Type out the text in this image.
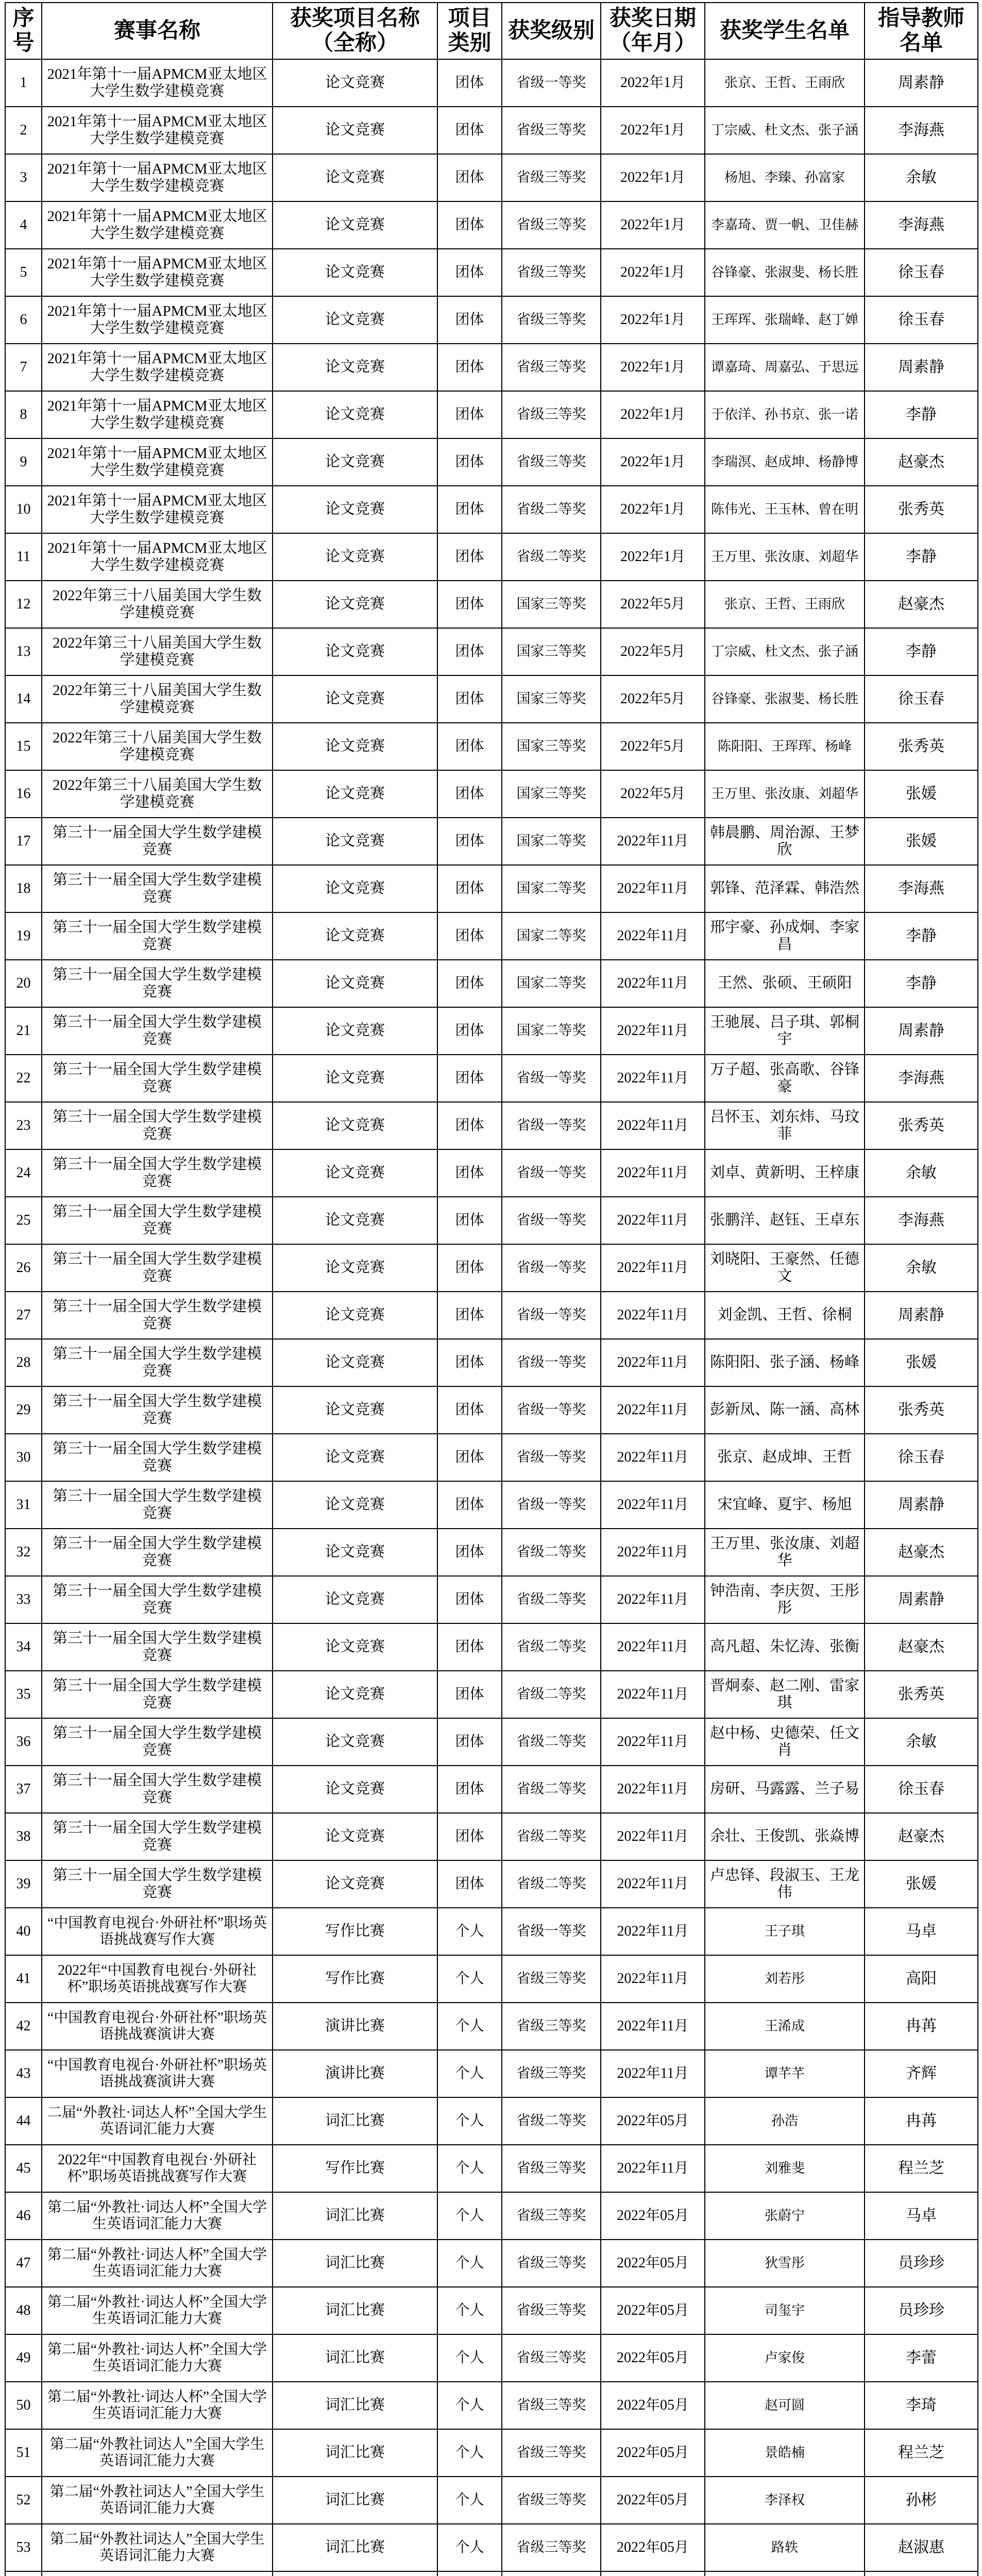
序号	赛事名称	获奖项目名称（全称）	项目类别	获奖级别	获奖日期（年月）	获奖学生名单	指导教师名单
1	2021年第十一届APMCM亚太地区大学生数学建模竞赛	论文竞赛	团体	省级一等奖	2022年1月	张京、王哲、王雨欣	周素静
2	2021年第十一届APMCM亚太地区大学生数学建模竞赛	论文竞赛	团体	省级三等奖	2022年1月	丁宗威、杜文杰、张子涵	李海燕
3	2021年第十一届APMCM亚太地区大学生数学建模竞赛	论文竞赛	团体	省级三等奖	2022年1月	杨旭、李臻、孙富家	余敏
4	2021年第十一届APMCM亚太地区大学生数学建模竞赛	论文竞赛	团体	省级三等奖	2022年1月	李嘉琦、贾一帆、卫佳赫	李海燕
5	2021年第十一届APMCM亚太地区大学生数学建模竞赛	论文竞赛	团体	省级三等奖	2022年1月	谷锋豪、张淑斐、杨长胜	徐玉春
6	2021年第十一届APMCM亚太地区大学生数学建模竞赛	论文竞赛	团体	省级三等奖	2022年1月	王珲珲、张瑞峰、赵丁婵	徐玉春
7	2021年第十一届APMCM亚太地区大学生数学建模竞赛	论文竞赛	团体	省级三等奖	2022年1月	谭嘉琦、周嘉弘、于思远	周素静
8	2021年第十一届APMCM亚太地区大学生数学建模竞赛	论文竞赛	团体	省级三等奖	2022年1月	于依洋、孙书京、张一诺	李静
9	2021年第十一届APMCM亚太地区大学生数学建模竞赛	论文竞赛	团体	省级三等奖	2022年1月	李瑞溟、赵成坤、杨静博	赵豪杰
10	2021年第十一届APMCM亚太地区大学生数学建模竞赛	论文竞赛	团体	省级二等奖	2022年1月	陈伟光、王玉林、曾在明	张秀英
11	2021年第十一届APMCM亚太地区大学生数学建模竞赛	论文竞赛	团体	省级二等奖	2022年1月	王万里、张汝康、刘超华	李静
12	2022年第三十八届美国大学生数学建模竞赛	论文竞赛	团体	国家三等奖	2022年5月	张京、王哲、王雨欣	赵豪杰
13	2022年第三十八届美国大学生数学建模竞赛	论文竞赛	团体	国家三等奖	2022年5月	丁宗威、杜文杰、张子涵	李静
14	2022年第三十八届美国大学生数学建模竞赛	论文竞赛	团体	国家三等奖	2022年5月	谷锋豪、张淑斐、杨长胜	徐玉春
15	2022年第三十八届美国大学生数学建模竞赛	论文竞赛	团体	国家三等奖	2022年5月	陈阳阳、王珲珲、杨峰	张秀英
16	2022年第三十八届美国大学生数学建模竞赛	论文竞赛	团体	国家三等奖	2022年5月	王万里、张汝康、刘超华	张媛
17	第三十一届全国大学生数学建模竞赛	论文竞赛	团体	国家二等奖	2022年11月	韩晨鹏、周治源、王梦欣	张媛
18	第三十一届全国大学生数学建模竞赛	论文竞赛	团体	国家二等奖	2022年11月	郭锋、范泽霖、韩浩然	李海燕
19	第三十一届全国大学生数学建模竞赛	论文竞赛	团体	国家二等奖	2022年11月	邢宇豪、孙成炯、李家昌	李静
20	第三十一届全国大学生数学建模竞赛	论文竞赛	团体	国家二等奖	2022年11月	王然、张硕、王硕阳	李静
21	第三十一届全国大学生数学建模竞赛	论文竞赛	团体	国家二等奖	2022年11月	王驰展、吕子琪、郭桐宇	周素静
22	第三十一届全国大学生数学建模竞赛	论文竞赛	团体	省级一等奖	2022年11月	万子超、张高歌、谷锋豪	李海燕
23	第三十一届全国大学生数学建模竞赛	论文竞赛	团体	省级一等奖	2022年11月	吕怀玉、刘东炜、马玟菲	张秀英
24	第三十一届全国大学生数学建模竞赛	论文竞赛	团体	省级一等奖	2022年11月	刘卓、黄新明、王梓康	余敏
25	第三十一届全国大学生数学建模竞赛	论文竞赛	团体	省级一等奖	2022年11月	张鹏洋、赵钰、王卓东	李海燕
26	第三十一届全国大学生数学建模竞赛	论文竞赛	团体	省级一等奖	2022年11月	刘晓阳、王豪然、任德文	余敏
27	第三十一届全国大学生数学建模竞赛	论文竞赛	团体	省级一等奖	2022年11月	刘金凯、王哲、徐桐	周素静
28	第三十一届全国大学生数学建模竞赛	论文竞赛	团体	省级一等奖	2022年11月	陈阳阳、张子涵、杨峰	张媛
29	第三十一届全国大学生数学建模竞赛	论文竞赛	团体	省级一等奖	2022年11月	彭新凤、陈一涵、高林	张秀英
30	第三十一届全国大学生数学建模竞赛	论文竞赛	团体	省级一等奖	2022年11月	张京、赵成坤、王哲	徐玉春
31	第三十一届全国大学生数学建模竞赛	论文竞赛	团体	省级一等奖	2022年11月	宋宜峰、夏宇、杨旭	周素静
32	第三十一届全国大学生数学建模竞赛	论文竞赛	团体	省级二等奖	2022年11月	王万里、张汝康、刘超华	赵豪杰
33	第三十一届全国大学生数学建模竞赛	论文竞赛	团体	省级二等奖	2022年11月	钟浩南、李庆贺、王彤彤	周素静
34	第三十一届全国大学生数学建模竞赛	论文竞赛	团体	省级二等奖	2022年11月	高凡超、朱忆涛、张衡	赵豪杰
35	第三十一届全国大学生数学建模竞赛	论文竞赛	团体	省级二等奖	2022年11月	晋炯泰、赵二刚、雷家琪	张秀英
36	第三十一届全国大学生数学建模竞赛	论文竞赛	团体	省级二等奖	2022年11月	赵中杨、史德荣、任文肖	余敏
37	第三十一届全国大学生数学建模竞赛	论文竞赛	团体	省级二等奖	2022年11月	房研、马露露、兰子易	徐玉春
38	第三十一届全国大学生数学建模竞赛	论文竞赛	团体	省级二等奖	2022年11月	余壮、王俊凯、张焱博	赵豪杰
39	第三十一届全国大学生数学建模竞赛	论文竞赛	团体	省级二等奖	2022年11月	卢忠铎、段淑玉、王龙伟	张媛
40	“中国教育电视台·外研社杯”职场英语挑战赛写作大赛	写作比赛	个人	省级一等奖	2022年11月	王子琪	马卓
41	2022年“中国教育电视台·外研社杯”职场英语挑战赛写作大赛	写作比赛	个人	省级三等奖	2022年11月	刘若彤	高阳
42	“中国教育电视台·外研社杯”职场英语挑战赛演讲大赛	演讲比赛	个人	省级三等奖	2022年11月	王浠成	冉苒
43	“中国教育电视台·外研社杯”职场英语挑战赛演讲大赛	演讲比赛	个人	省级三等奖	2022年11月	谭芊芊	齐辉
44	二届“外教社·词达人杯”全国大学生英语词汇能力大赛	词汇比赛	个人	省级二等奖	2022年05月	孙浩	冉苒
45	2022年“中国教育电视台·外研社杯”职场英语挑战赛写作大赛	写作比赛	个人	省级三等奖	2022年11月	刘雅斐	程兰芝
46	第二届“外教社·词达人杯”全国大学生英语词汇能力大赛	词汇比赛	个人	省级三等奖	2022年05月	张蔚宁	马卓
47	第二届“外教社·词达人杯”全国大学生英语词汇能力大赛	词汇比赛	个人	省级三等奖	2022年05月	狄雪彤	员珍珍
48	第二届“外教社·词达人杯”全国大学生英语词汇能力大赛	词汇比赛	个人	省级三等奖	2022年05月	司玺宇	员珍珍
49	第二届“外教社·词达人杯”全国大学生英语词汇能力大赛	词汇比赛	个人	省级三等奖	2022年05月	卢家俊	李蕾
50	第二届“外教社·词达人杯”全国大学生英语词汇能力大赛	词汇比赛	个人	省级三等奖	2022年05月	赵可圆	李琦
51	第二届“外教社词达人”全国大学生英语词汇能力大赛	词汇比赛	个人	省级三等奖	2022年05月	景皓楠	程兰芝
52	第二届“外教社词达人”全国大学生英语词汇能力大赛	词汇比赛	个人	省级三等奖	2022年05月	李泽权	孙彬
53	第二届“外教社词达人”全国大学生英语词汇能力大赛	词汇比赛	个人	省级三等奖	2022年05月	路轶	赵淑惠
